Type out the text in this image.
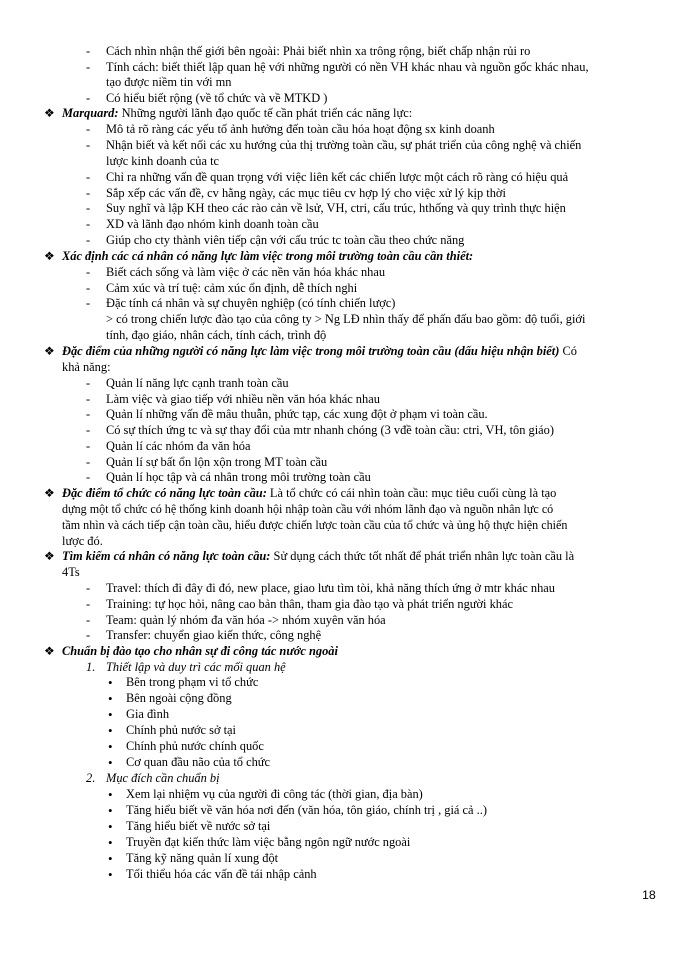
- Cách nhìn nhận thế giới bên ngoài: Phải biết nhìn xa trông rộng, biết chấp nhận rủi ro
- Tính cách: biết thiết lập quan hệ với những người có nền VH khác nhau và nguồn gốc khác nhau,
tạo được niềm tin với mn
- Có hiểu biết rộng (về tổ chức và về MTKD )
❖ Marquard: Những người lãnh đạo quốc tế cần phát triển các năng lực:
- Mô tả rõ ràng các yếu tố ảnh hưởng đến toàn cầu hóa hoạt động sx kinh doanh
- Nhận biết và kết nối các xu hướng của thị trường toàn cầu, sự phát triển của công nghệ và chiến
lược kinh doanh của tc
- Chỉ ra những vấn đề quan trọng với việc liên kết các chiến lược một cách rõ ràng có hiệu quả
- Sắp xếp các vấn đề, cv hằng ngày, các mục tiêu cv hợp lý cho việc xử lý kịp thời
- Suy nghĩ và lập KH theo các rào cản về lsử, VH, ctri, cấu trúc, hthống và quy trình thực hiện
- XD và lãnh đạo nhóm kinh doanh toàn cầu
- Giúp cho cty thành viên tiếp cận với cấu trúc tc toàn cầu theo chức năng
❖ Xác định các cá nhân có năng lực làm việc trong môi trường toàn cầu cần thiết:
- Biết cách sống và làm việc ở các nền văn hóa khác nhau
- Cảm xúc và trí tuệ: cảm xúc ổn định, dễ thích nghi
- Đặc tính cá nhân và sự chuyên nghiệp (có tính chiến lược)
> có trong chiến lược đào tạo của công ty > Ng LĐ nhìn thấy để phấn đấu bao gồm: độ tuổi, giới
tính, đạo giáo, nhân cách, tính cách, trình độ
❖ Đặc điểm của những người có năng lực làm việc trong môi trường toàn cầu (dấu hiệu nhận biết) Có
khả năng:
- Quản lí năng lực cạnh tranh toàn cầu
- Làm việc và giao tiếp với nhiều nền văn hóa khác nhau
- Quản lí những vấn đề mâu thuẫn, phức tạp, các xung đột ở phạm vi toàn cầu.
- Có sự thích ứng tc và sự thay đổi của mtr nhanh chóng (3 vđề toàn cầu: ctri, VH, tôn giáo)
- Quản lí các nhóm đa văn hóa
- Quản lí sự bất ổn lộn xộn trong MT toàn cầu
- Quản lí học tập và cá nhân trong môi trường toàn cầu
❖ Đặc điểm tổ chức có năng lực toàn cầu: Là tổ chức có cái nhìn toàn cầu: mục tiêu cuối cùng là tạo
dựng một tổ chức có hệ thống kinh doanh hội nhập toàn cầu với nhóm lãnh đạo và nguồn nhân lực có
tầm nhìn và cách tiếp cận toàn cầu, hiểu được chiến lược toàn cầu của tổ chức và ủng hộ thực hiện chiến
lược đó.
❖ Tìm kiếm cá nhân có năng lực toàn cầu: Sử dụng cách thức tốt nhất để phát triển nhân lực toàn cầu là
4Ts
- Travel: thích đi đây đi đó, new place, giao lưu tìm tòi, khả năng thích ứng ở mtr khác nhau
- Training: tự học hỏi, nâng cao bản thân, tham gia đào tạo và phát triển người khác
- Team: quản lý nhóm đa văn hóa -> nhóm xuyên văn hóa
- Transfer: chuyển giao kiến thức, công nghệ
❖ Chuẩn bị đào tạo cho nhân sự đi công tác nước ngoài
1. Thiết lập và duy trì các mối quan hệ
• Bên trong phạm vi tổ chức
• Bên ngoài cộng đồng
• Gia đình
• Chính phủ nước sở tại
• Chính phủ nước chính quốc
• Cơ quan đầu não của tổ chức
2. Mục đích cần chuẩn bị
• Xem lại nhiệm vụ của người đi công tác (thời gian, địa bàn)
• Tăng hiểu biết về văn hóa nơi đến (văn hóa, tôn giáo, chính trị , giá cả ..)
• Tăng hiểu biết về nước sở tại
• Truyền đạt kiến thức làm việc bằng ngôn ngữ nước ngoài
• Tăng kỹ năng quản lí xung đột
• Tối thiểu hóa các vấn đề tái nhập cảnh
18
